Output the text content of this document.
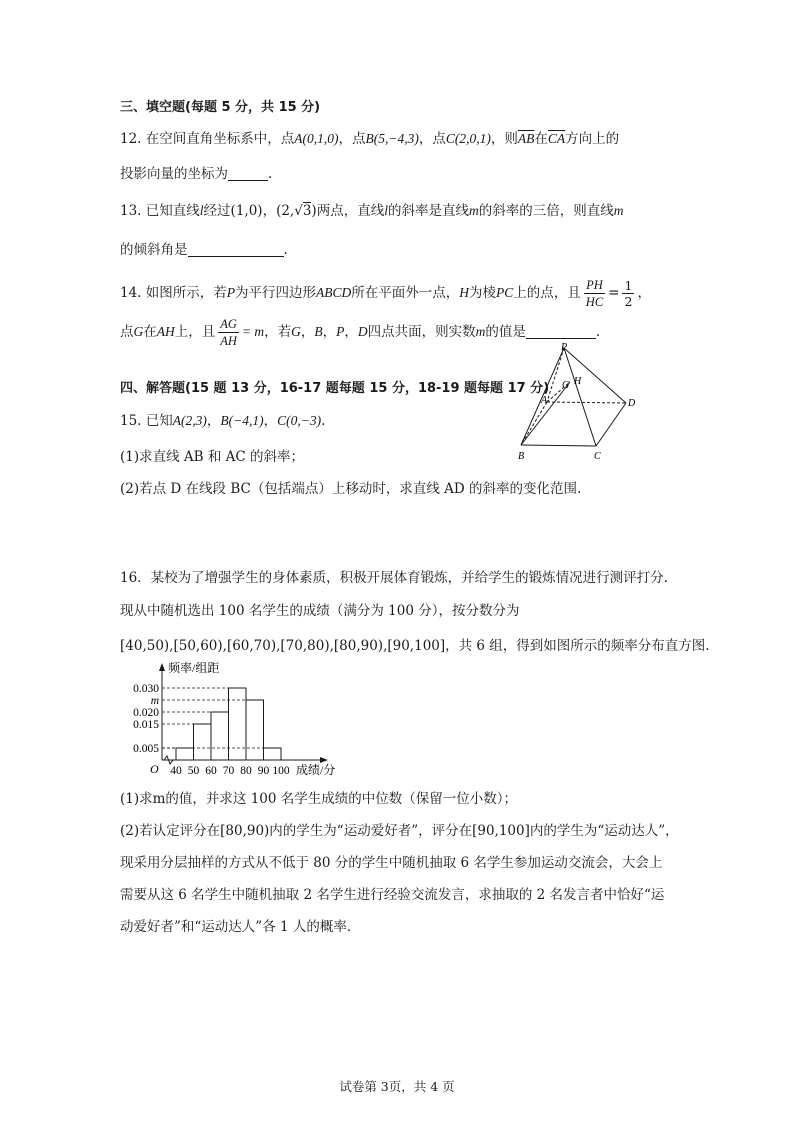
三、填空题(每题 5 分，共 15 分)
12. 在空间直角坐标系中，点A(0,1,0)，点B(5,−4,3)，点C(2,0,1)，则$\overline{AB}$在$\overline{CA}$方向上的
投影向量的坐标为	.
13. 已知直线l经过(1,0)，(2,√3)两点，直线l的斜率是直线m的斜率的三倍，则直线m
的倾斜角是	.
14. 如图所示，若P为平行四边形ABCD所在平面外一点，H为棱PC上的点，且 $\frac{PH}{HC} = \frac{1}{2}$ ，
点G在AH上，且 $\frac{AG}{AH} = m$，若G，B，P，D四点共面，则实数m的值是	.
P
G H
A	D
B	C
四、解答题(15 题 13 分，16-17 题每题 15 分，18-19 题每题 17 分)
15. 已知A(2,3)，B(−4,1)，C(0,−3).
(1)求直线 AB 和 AC 的斜率；
(2)若点 D 在线段 BC（包括端点）上移动时，求直线 AD 的斜率的变化范围.
16．某校为了增强学生的身体素质，积极开展体育锻炼，并给学生的锻炼情况进行测评打分.
现从中随机选出 100 名学生的成绩（满分为 100 分），按分数分为
[40,50),[50,60),[60,70),[70,80),[80,90),[90,100]，共 6 组，得到如图所示的频率分布直方图.
0.030
m
0.020
0.015
0.005
40 50 60 70 80 90 100
O
频率/组距
成绩/分
(1)求m的值，并求这 100 名学生成绩的中位数（保留一位小数）；
(2)若认定评分在[80,90)内的学生为“运动爱好者”，评分在[90,100]内的学生为“运动达人”，
现采用分层抽样的方式从不低于 80 分的学生中随机抽取 6 名学生参加运动交流会，大会上
需要从这 6 名学生中随机抽取 2 名学生进行经验交流发言，求抽取的 2 名发言者中恰好“运
动爱好者”和“运动达人”各 1 人的概率.
试卷第 3页，共 4 页
